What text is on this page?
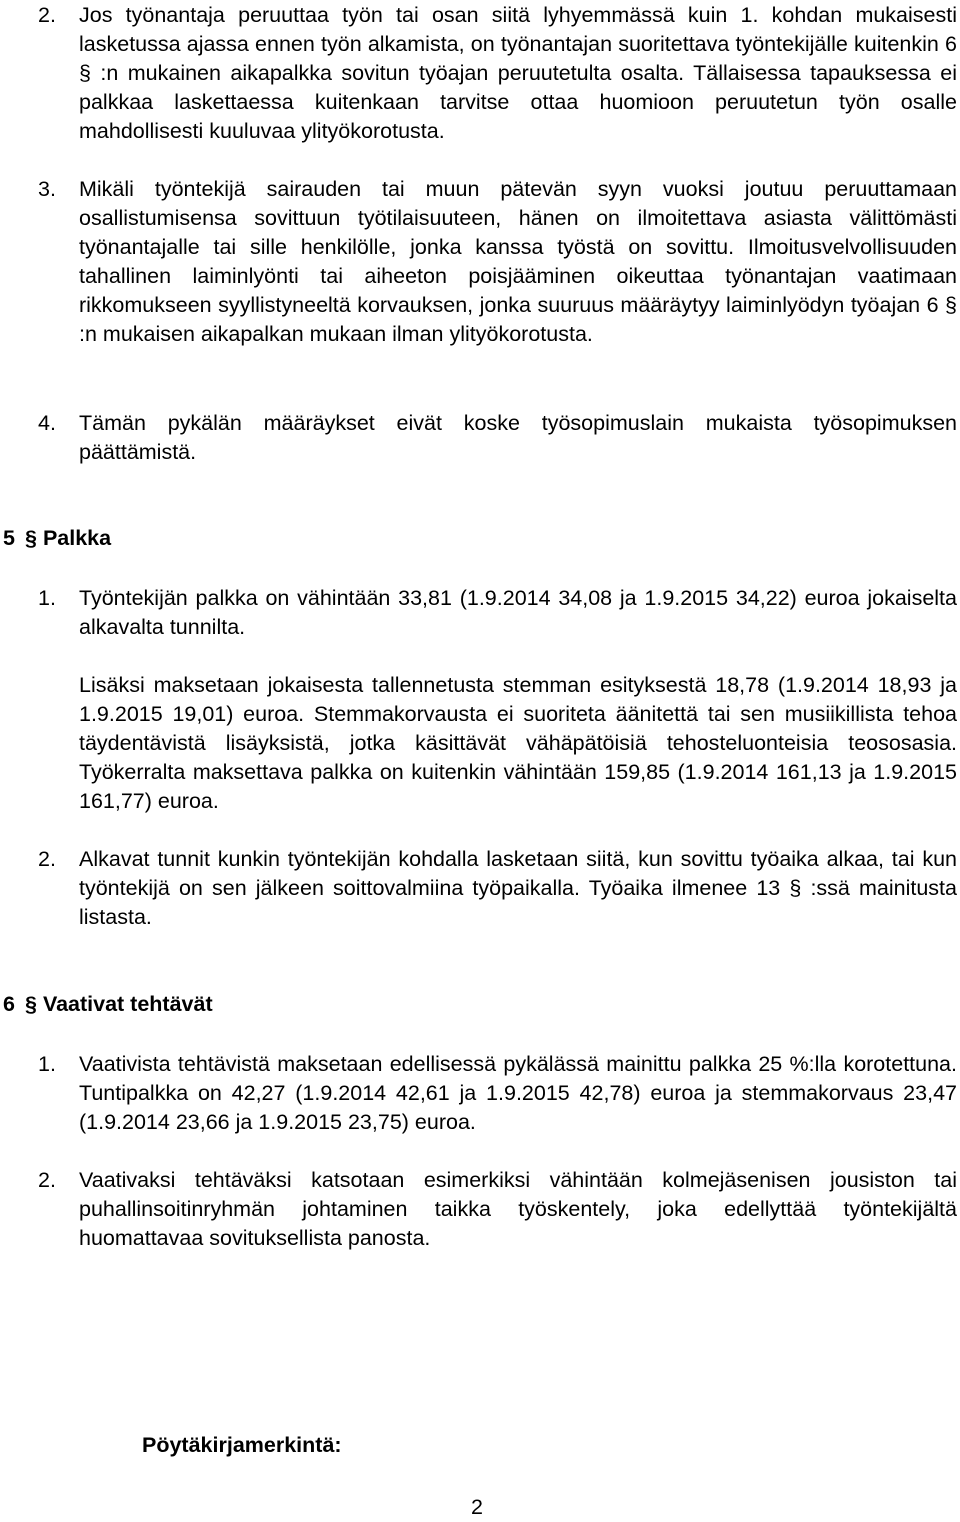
2. Jos työnantaja peruuttaa työn tai osan siitä lyhyemmässä kuin 1. kohdan mukaisesti lasketussa ajassa ennen työn alkamista, on työnantajan suoritettava työntekijälle kuitenkin 6 § :n mukainen aikapalkka sovitun työajan peruutetulta osalta. Tällaisessa tapauksessa ei palkkaa laskettaessa kuitenkaan tarvitse ottaa huomioon peruutetun työn osalle mahdollisesti kuuluvaa ylityökorotusta.
3. Mikäli työntekijä sairauden tai muun pätevän syyn vuoksi joutuu peruuttamaan osallistumisensa sovittuun työtilaisuuteen, hänen on ilmoitettava asiasta välittömästi työnantajalle tai sille henkilölle, jonka kanssa työstä on sovittu. Ilmoitusvelvollisuuden tahallinen laiminlyönti tai aiheeton poisjääminen oikeuttaa työnantajan vaatimaan rikkomukseen syyllistyneeltä korvauksen, jonka suuruus määräytyy laiminlyödyn työajan 6 § :n mukaisen aikapalkan mukaan ilman ylityökorotusta.
4. Tämän pykälän määräykset eivät koske työsopimuslain mukaista työsopimuksen päättämistä.
5 § Palkka
1. Työntekijän palkka on vähintään 33,81 (1.9.2014 34,08 ja 1.9.2015 34,22) euroa jokaiselta alkavalta tunnilta.
Lisäksi maksetaan jokaisesta tallennetusta stemman esityksestä 18,78 (1.9.2014 18,93 ja 1.9.2015 19,01) euroa. Stemmakorvausta ei suoriteta äänitettä tai sen musiikillista tehoa täydentävistä lisäyksistä, jotka käsittävät vähäpätöisiä tehosteluonteisia teososasia. Työkerralta maksettava palkka on kuitenkin vähintään 159,85 (1.9.2014 161,13 ja 1.9.2015 161,77) euroa.
2. Alkavat tunnit kunkin työntekijän kohdalla lasketaan siitä, kun sovittu työaika alkaa, tai kun työntekijä on sen jälkeen soittovalmiina työpaikalla. Työaika ilmenee 13 § :ssä mainitusta listasta.
6 § Vaativat tehtävät
1. Vaativista tehtävistä maksetaan edellisessä pykälässä mainittu palkka 25 %:lla korotettuna. Tuntipalkka on 42,27 (1.9.2014 42,61 ja 1.9.2015 42,78) euroa ja stemmakorvaus 23,47 (1.9.2014 23,66 ja 1.9.2015 23,75) euroa.
2. Vaativaksi tehtäväksi katsotaan esimerkiksi vähintään kolmejäsenisen jousiston tai puhallinsoitinryhmän johtaminen taikka työskentely, joka edellyttää työntekijältä huomattavaa sovituksellista panosta.
Pöytäkirjamerkintä:
2
